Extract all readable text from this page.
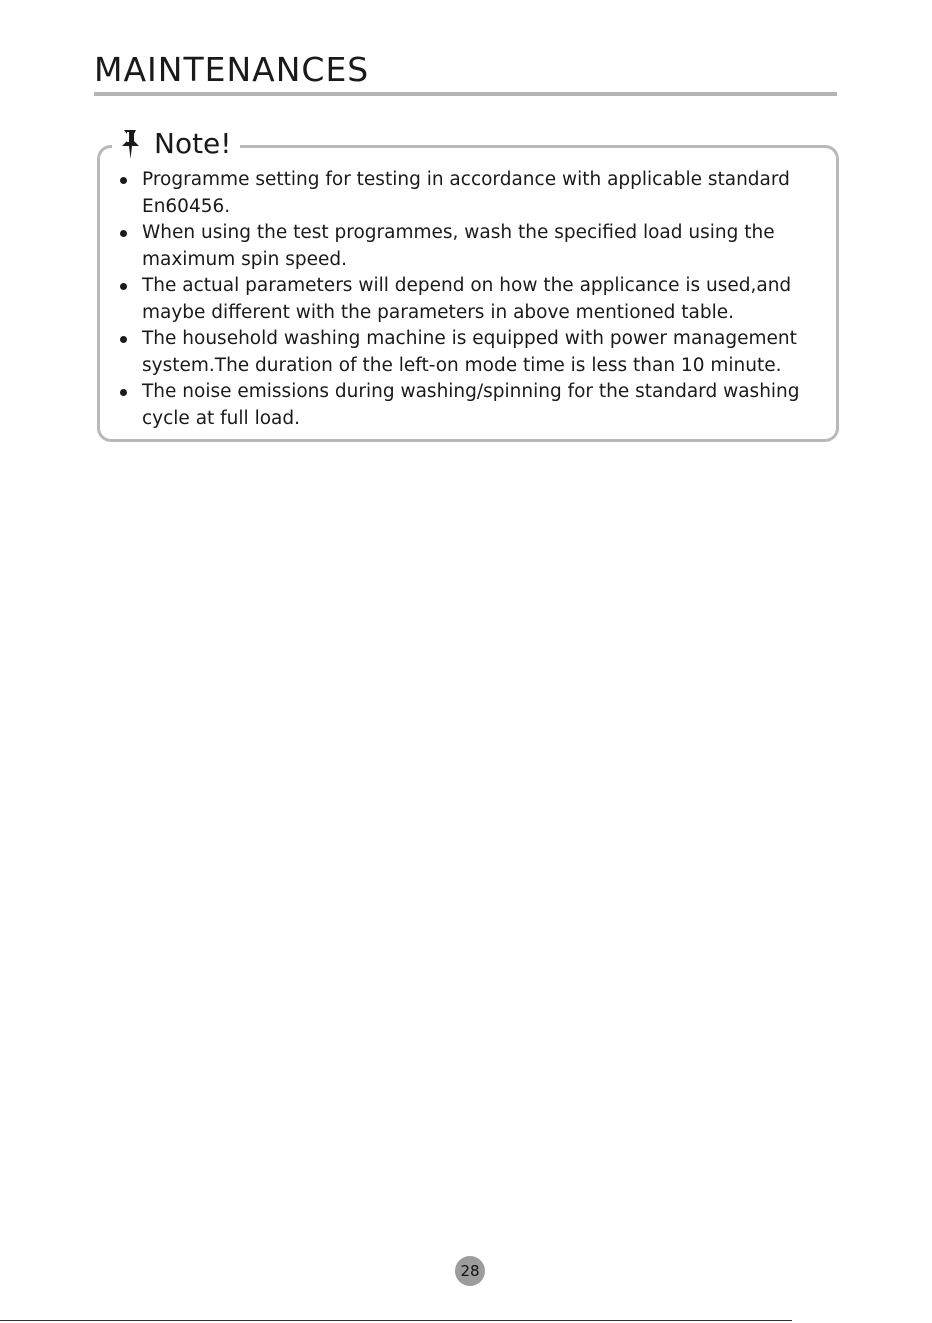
MAINTENANCES
Note!
Programme setting for testing in accordance with applicable standard
En60456.
When using the test programmes, wash the specified load using the
maximum spin speed.
The actual parameters will depend on how the applicance is used,and
maybe different with the parameters in above mentioned table.
The household washing machine is equipped with power management
system.The duration of the left-on mode time is less than 10 minute.
The noise emissions during washing/spinning for the standard washing
cycle at full load.
28
